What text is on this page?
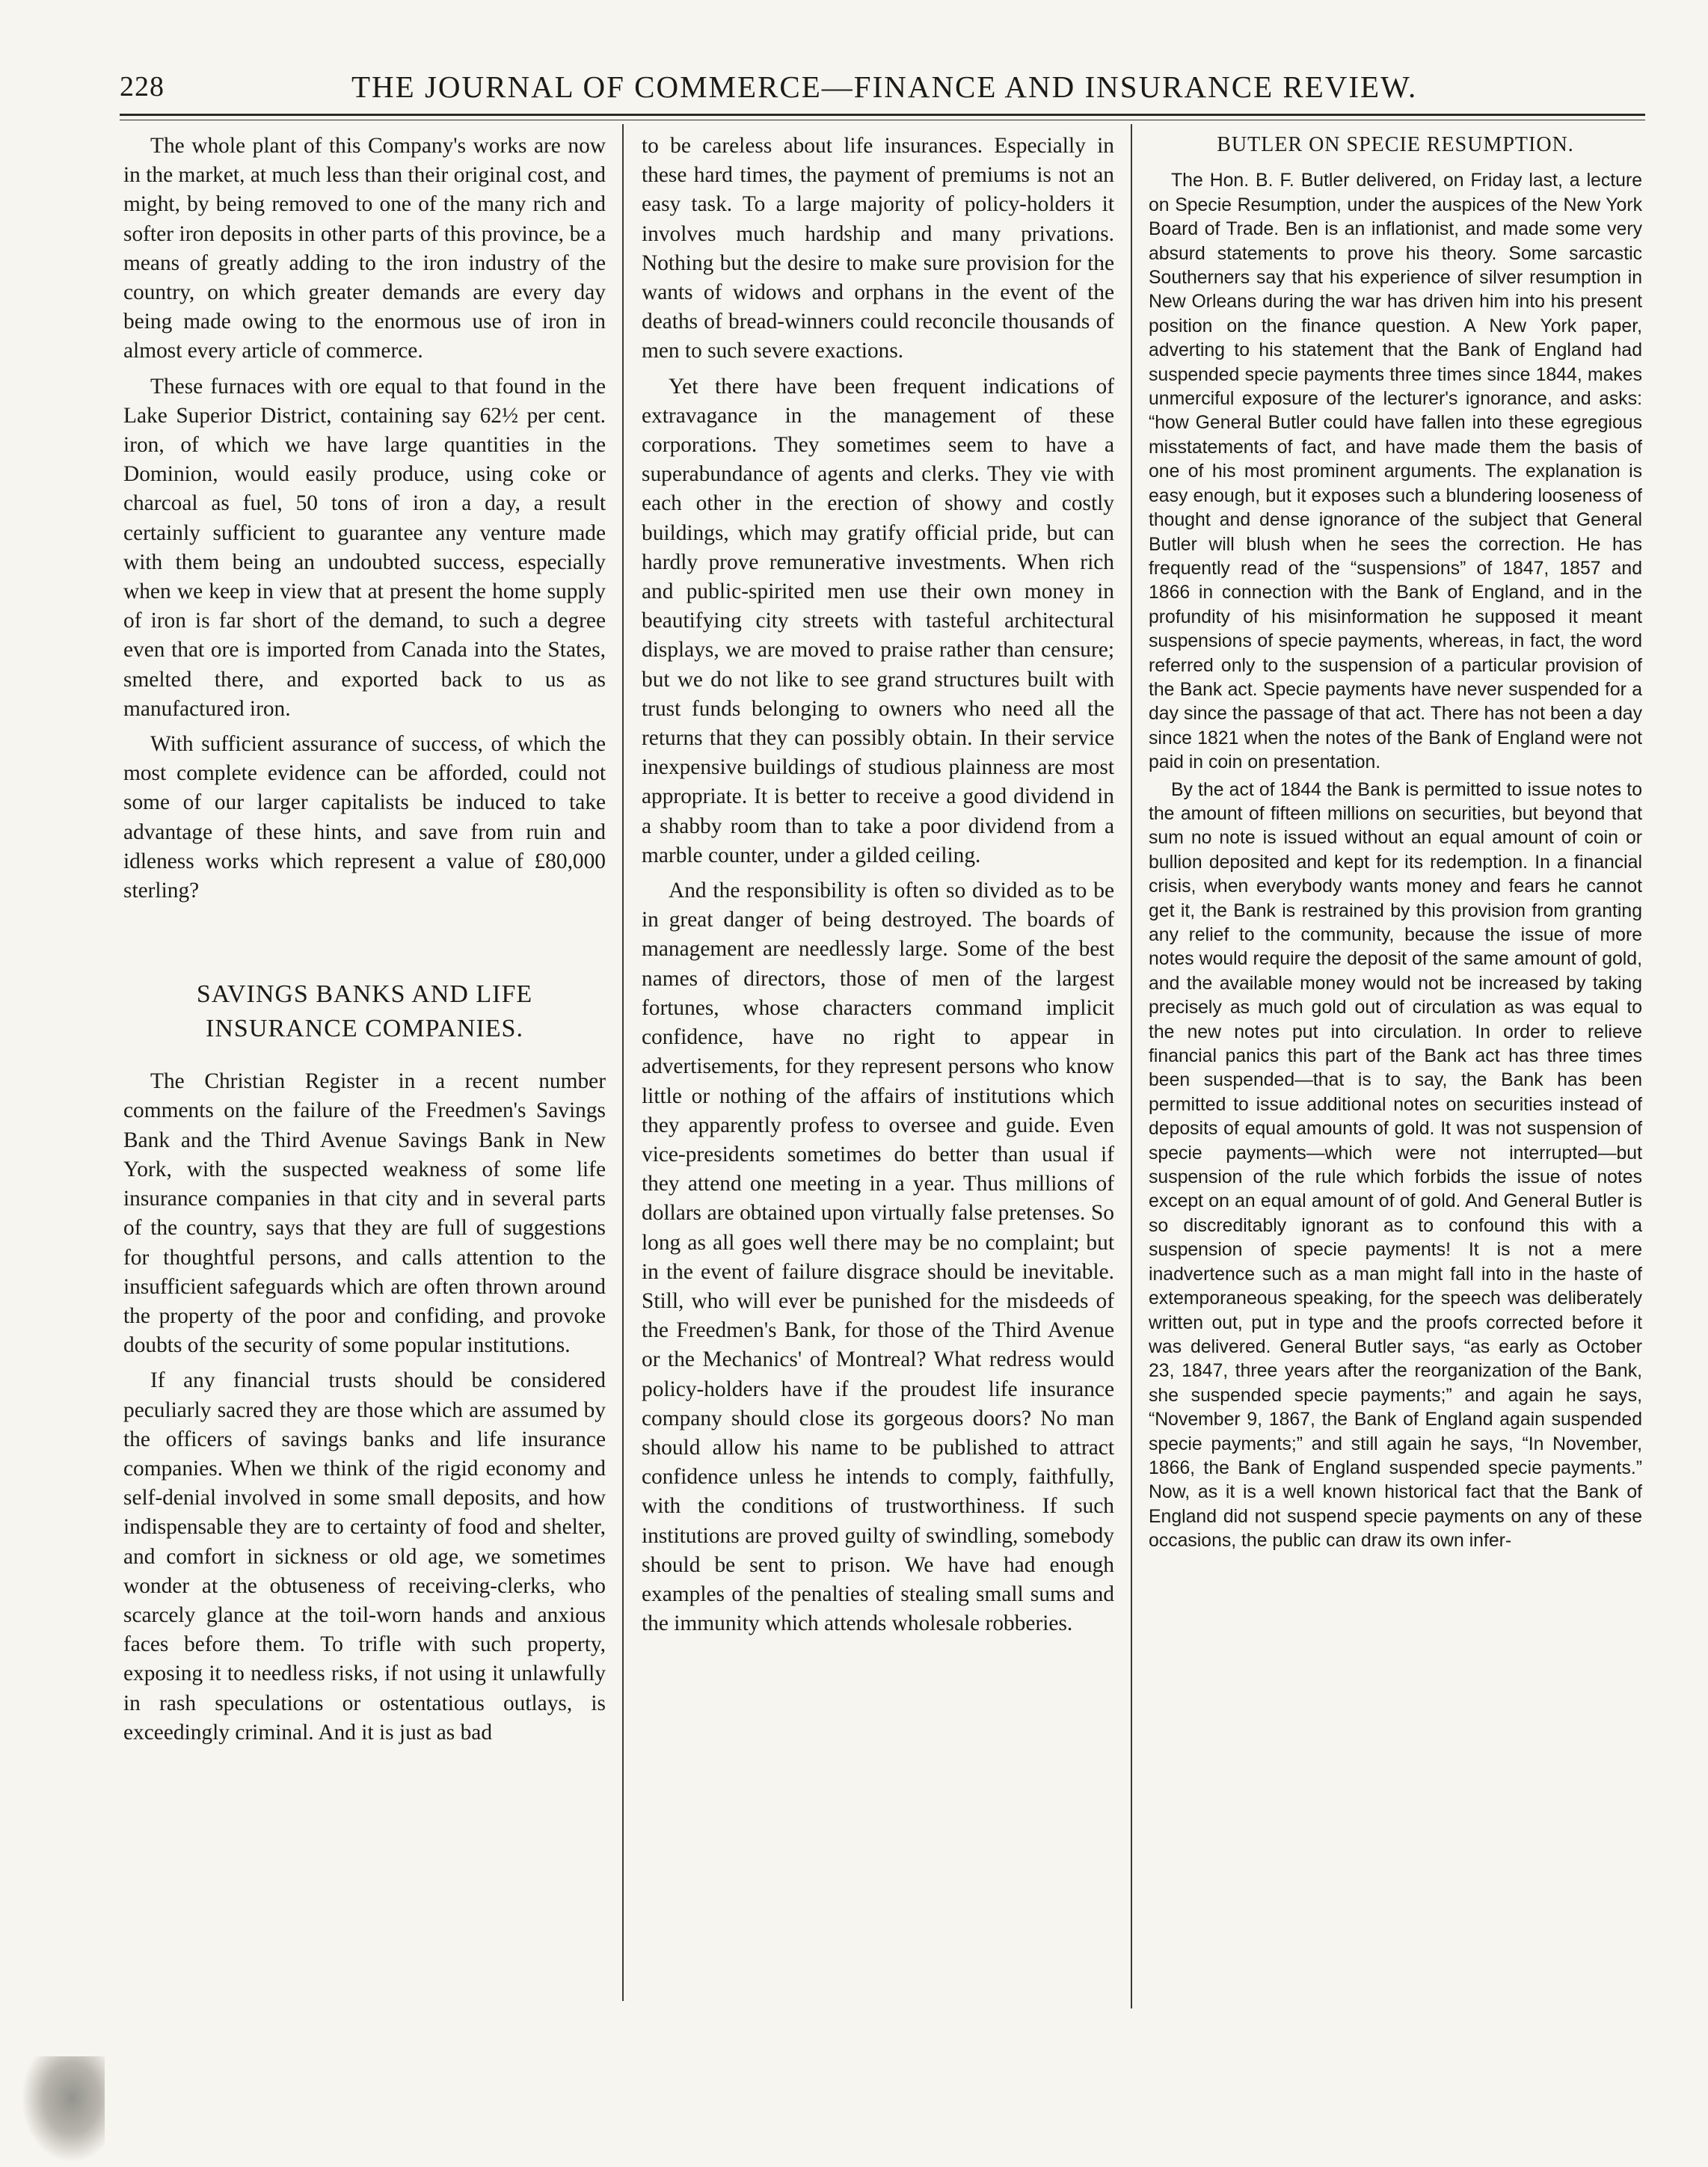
228	THE JOURNAL OF COMMERCE—FINANCE AND INSURANCE REVIEW.

The whole plant of this Company's works are now in the market, at much less than their original cost, and might, by being removed to one of the many rich and softer iron deposits in other parts of this province, be a means of greatly adding to the iron industry of the country, on which greater demands are every day being made owing to the enormous use of iron in almost every article of commerce.

These furnaces with ore equal to that found in the Lake Superior District, containing say 62½ per cent. iron, of which we have large quantities in the Dominion, would easily produce, using coke or charcoal as fuel, 50 tons of iron a day, a result certainly sufficient to guarantee any venture made with them being an undoubted success, especially when we keep in view that at present the home supply of iron is far short of the demand, to such a degree even that ore is imported from Canada into the States, smelted there, and exported back to us as manufactured iron.

With sufficient assurance of success, of which the most complete evidence can be afforded, could not some of our larger capitalists be induced to take advantage of these hints, and save from ruin and idleness works which represent a value of £80,000 sterling?

SAVINGS BANKS AND LIFE INSURANCE COMPANIES.

The Christian Register in a recent number comments on the failure of the Freedmen's Savings Bank and the Third Avenue Savings Bank in New York, with the suspected weakness of some life insurance companies in that city and in several parts of the country, says that they are full of suggestions for thoughtful persons, and calls attention to the insufficient safeguards which are often thrown around the property of the poor and confiding, and provoke doubts of the security of some popular institutions.

If any financial trusts should be considered peculiarly sacred they are those which are assumed by the officers of savings banks and life insurance companies. When we think of the rigid economy and self-denial involved in some small deposits, and how indispensable they are to certainty of food and shelter, and comfort in sickness or old age, we sometimes wonder at the obtuseness of receiving-clerks, who scarcely glance at the toil-worn hands and anxious faces before them. To trifle with such property, exposing it to needless risks, if not using it unlawfully in rash speculations or ostentatious outlays, is exceedingly criminal. And it is just as bad

to be careless about life insurances. Especially in these hard times, the payment of premiums is not an easy task. To a large majority of policy-holders it involves much hardship and many privations. Nothing but the desire to make sure provision for the wants of widows and orphans in the event of the deaths of bread-winners could reconcile thousands of men to such severe exactions.

Yet there have been frequent indications of extravagance in the management of these corporations. They sometimes seem to have a superabundance of agents and clerks. They vie with each other in the erection of showy and costly buildings, which may gratify official pride, but can hardly prove remunerative investments. When rich and public-spirited men use their own money in beautifying city streets with tasteful architectural displays, we are moved to praise rather than censure; but we do not like to see grand structures built with trust funds belonging to owners who need all the returns that they can possibly obtain. In their service inexpensive buildings of studious plainness are most appropriate. It is better to receive a good dividend in a shabby room than to take a poor dividend from a marble counter, under a gilded ceiling.

And the responsibility is often so divided as to be in great danger of being destroyed. The boards of management are needlessly large. Some of the best names of directors, those of men of the largest fortunes, whose characters command implicit confidence, have no right to appear in advertisements, for they represent persons who know little or nothing of the affairs of institutions which they apparently profess to oversee and guide. Even vice-presidents sometimes do better than usual if they attend one meeting in a year. Thus millions of dollars are obtained upon virtually false pretenses. So long as all goes well there may be no complaint; but in the event of failure disgrace should be inevitable. Still, who will ever be punished for the misdeeds of the Freedmen's Bank, for those of the Third Avenue or the Mechanics' of Montreal? What redress would policy-holders have if the proudest life insurance company should close its gorgeous doors? No man should allow his name to be published to attract confidence unless he intends to comply, faithfully, with the conditions of trustworthiness. If such institutions are proved guilty of swindling, somebody should be sent to prison. We have had enough examples of the penalties of stealing small sums and the immunity which attends wholesale robberies.

BUTLER ON SPECIE RESUMPTION.

The Hon. B. F. Butler delivered, on Friday last, a lecture on Specie Resumption, under the auspices of the New York Board of Trade. Ben is an inflationist, and made some very absurd statements to prove his theory. Some sarcastic Southerners say that his experience of silver resumption in New Orleans during the war has driven him into his present position on the finance question. A New York paper, adverting to his statement that the Bank of England had suspended specie payments three times since 1844, makes unmerciful exposure of the lecturer's ignorance, and asks: “how General Butler could have fallen into these egregious misstatements of fact, and have made them the basis of one of his most prominent arguments. The explanation is easy enough, but it exposes such a blundering looseness of thought and dense ignorance of the subject that General Butler will blush when he sees the correction. He has frequently read of the “suspensions” of 1847, 1857 and 1866 in connection with the Bank of England, and in the profundity of his misinformation he supposed it meant suspensions of specie payments, whereas, in fact, the word referred only to the suspension of a particular provision of the Bank act. Specie payments have never suspended for a day since the passage of that act. There has not been a day since 1821 when the notes of the Bank of England were not paid in coin on presentation.

By the act of 1844 the Bank is permitted to issue notes to the amount of fifteen millions on securities, but beyond that sum no note is issued without an equal amount of coin or bullion deposited and kept for its redemption. In a financial crisis, when everybody wants money and fears he cannot get it, the Bank is restrained by this provision from granting any relief to the community, because the issue of more notes would require the deposit of the same amount of gold, and the available money would not be increased by taking precisely as much gold out of circulation as was equal to the new notes put into circulation. In order to relieve financial panics this part of the Bank act has three times been suspended—that is to say, the Bank has been permitted to issue additional notes on securities instead of deposits of equal amounts of gold. It was not suspension of specie payments—which were not interrupted—but suspension of the rule which forbids the issue of notes except on an equal amount of of gold. And General Butler is so discreditably ignorant as to confound this with a suspension of specie payments! It is not a mere inadvertence such as a man might fall into in the haste of extemporaneous speaking, for the speech was deliberately written out, put in type and the proofs corrected before it was delivered. General Butler says, “as early as October 23, 1847, three years after the reorganization of the Bank, she suspended specie payments;” and again he says, “November 9, 1867, the Bank of England again suspended specie payments;” and still again he says, “In November, 1866, the Bank of England suspended specie payments.” Now, as it is a well known historical fact that the Bank of England did not suspend specie payments on any of these occasions, the public can draw its own infer-
